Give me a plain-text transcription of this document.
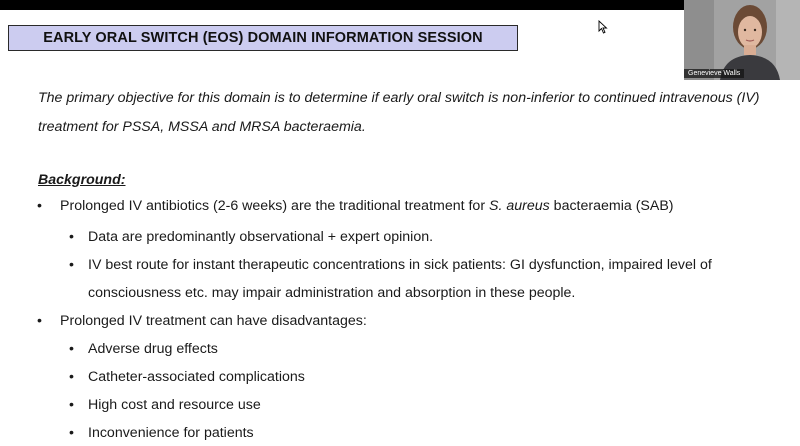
EARLY ORAL SWITCH (EOS) DOMAIN INFORMATION SESSION
Genevieve Walls
The primary objective for this domain is to determine if early oral switch is non-inferior to continued intravenous (IV)
treatment for PSSA, MSSA and MRSA bacteraemia.
Background:
• Prolonged IV antibiotics (2-6 weeks) are the traditional treatment for S. aureus bacteraemia (SAB)
• Data are predominantly observational + expert opinion.
• IV best route for instant therapeutic concentrations in sick patients: GI dysfunction, impaired level of
consciousness etc. may impair administration and absorption in these people.
• Prolonged IV treatment can have disadvantages:
• Adverse drug effects
• Catheter-associated complications
• High cost and resource use
• Inconvenience for patients
